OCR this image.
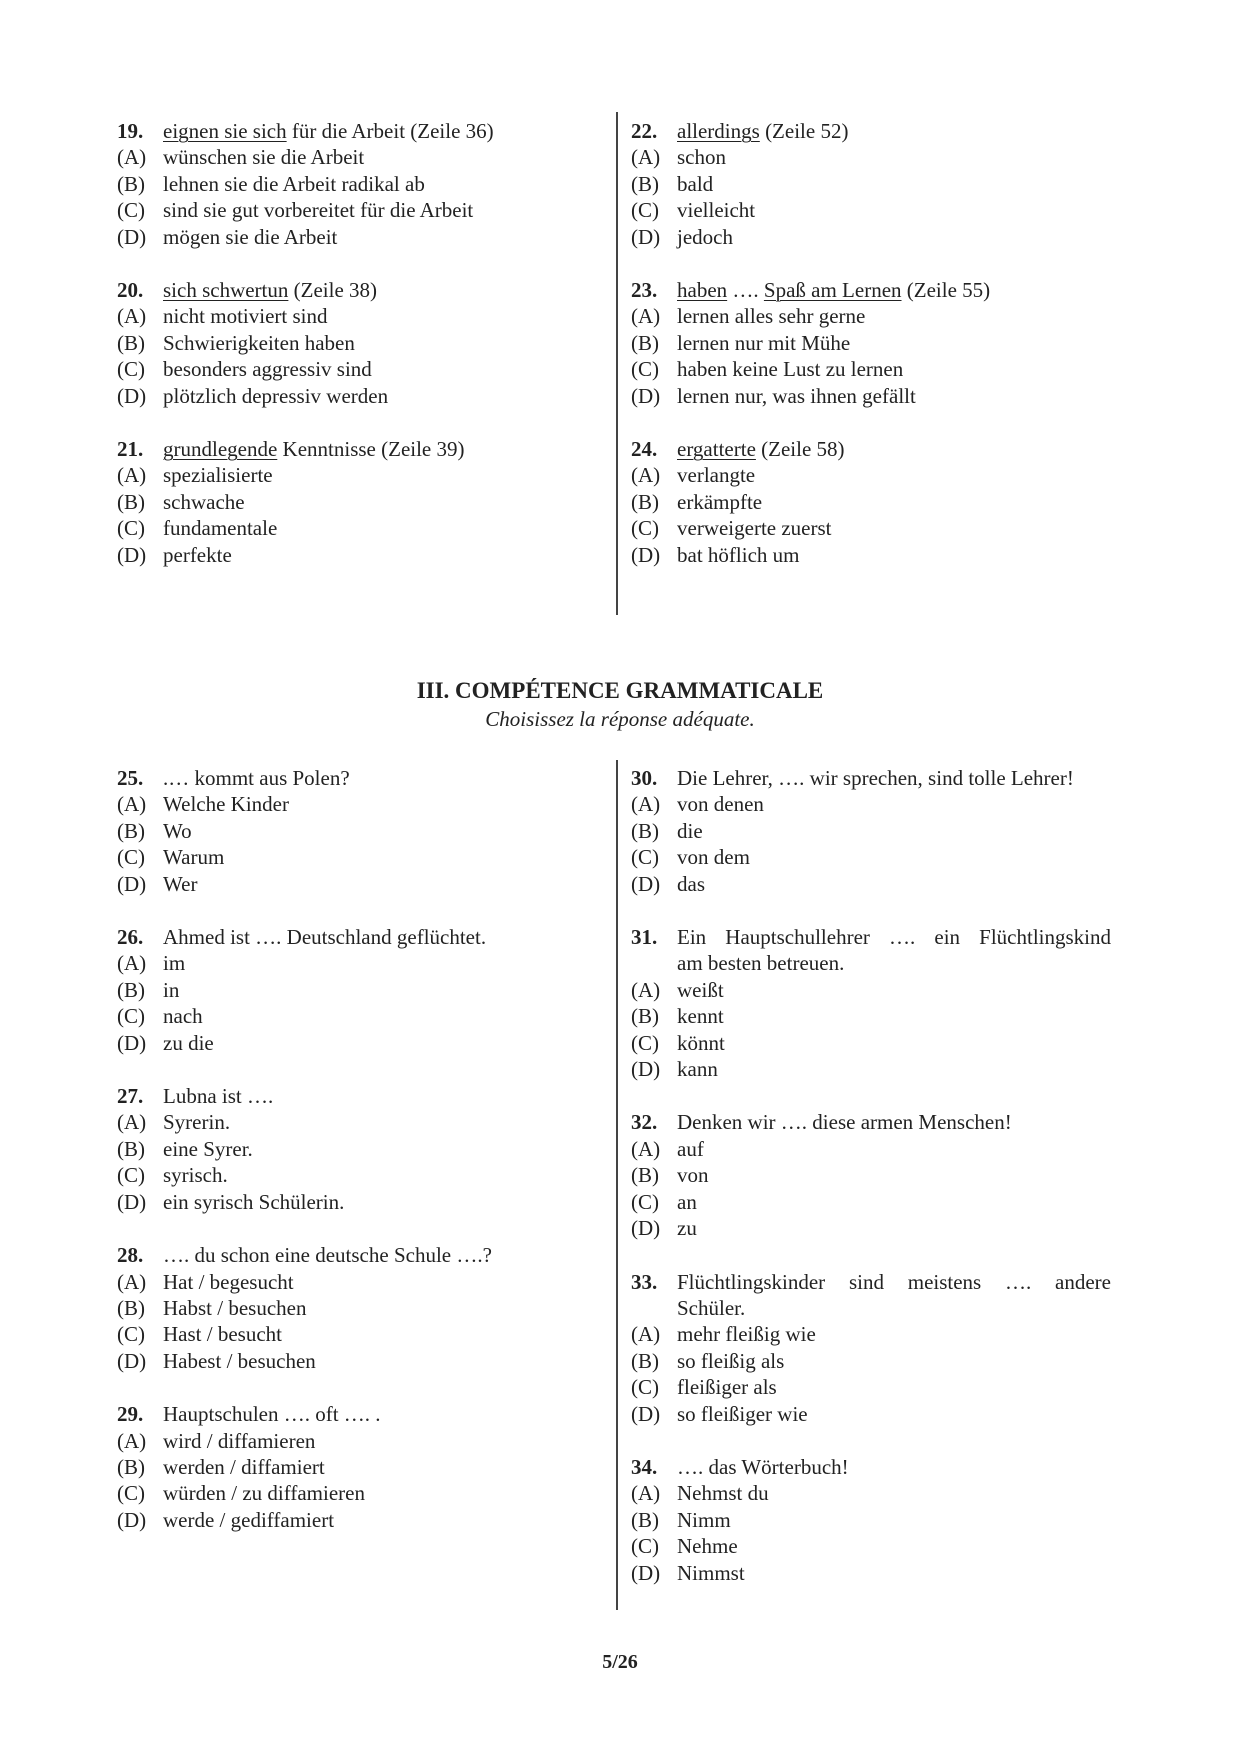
19. eignen sie sich für die Arbeit (Zeile 36)
(A) wünschen sie die Arbeit
(B) lehnen sie die Arbeit radikal ab
(C) sind sie gut vorbereitet für die Arbeit
(D) mögen sie die Arbeit
20. sich schwertun (Zeile 38)
(A) nicht motiviert sind
(B) Schwierigkeiten haben
(C) besonders aggressiv sind
(D) plötzlich depressiv werden
21. grundlegende Kenntnisse (Zeile 39)
(A) spezialisierte
(B) schwache
(C) fundamentale
(D) perfekte
22. allerdings (Zeile 52)
(A) schon
(B) bald
(C) vielleicht
(D) jedoch
23. haben …. Spaß am Lernen (Zeile 55)
(A) lernen alles sehr gerne
(B) lernen nur mit Mühe
(C) haben keine Lust zu lernen
(D) lernen nur, was ihnen gefällt
24. ergatterte (Zeile 58)
(A) verlangte
(B) erkämpfte
(C) verweigerte zuerst
(D) bat höflich um
III. COMPÉTENCE GRAMMATICALE
Choisissez la réponse adéquate.
25. .… kommt aus Polen?
(A) Welche Kinder
(B) Wo
(C) Warum
(D) Wer
26. Ahmed ist …. Deutschland geflüchtet.
(A) im
(B) in
(C) nach
(D) zu die
27. Lubna ist ….
(A) Syrerin.
(B) eine Syrer.
(C) syrisch.
(D) ein syrisch Schülerin.
28. …. du schon eine deutsche Schule ….?
(A) Hat / begesucht
(B) Habst / besuchen
(C) Hast / besucht
(D) Habest / besuchen
29. Hauptschulen …. oft …. .
(A) wird / diffamieren
(B) werden / diffamiert
(C) würden / zu diffamieren
(D) werde / gediffamiert
30. Die Lehrer, …. wir sprechen, sind tolle Lehrer!
(A) von denen
(B) die
(C) von dem
(D) das
31. Ein Hauptschullehrer …. ein Flüchtlingskind
am besten betreuen.
(A) weißt
(B) kennt
(C) könnt
(D) kann
32. Denken wir …. diese armen Menschen!
(A) auf
(B) von
(C) an
(D) zu
33. Flüchtlingskinder sind meistens …. andere
Schüler.
(A) mehr fleißig wie
(B) so fleißig als
(C) fleißiger als
(D) so fleißiger wie
34. …. das Wörterbuch!
(A) Nehmst du
(B) Nimm
(C) Nehme
(D) Nimmst
5/26
